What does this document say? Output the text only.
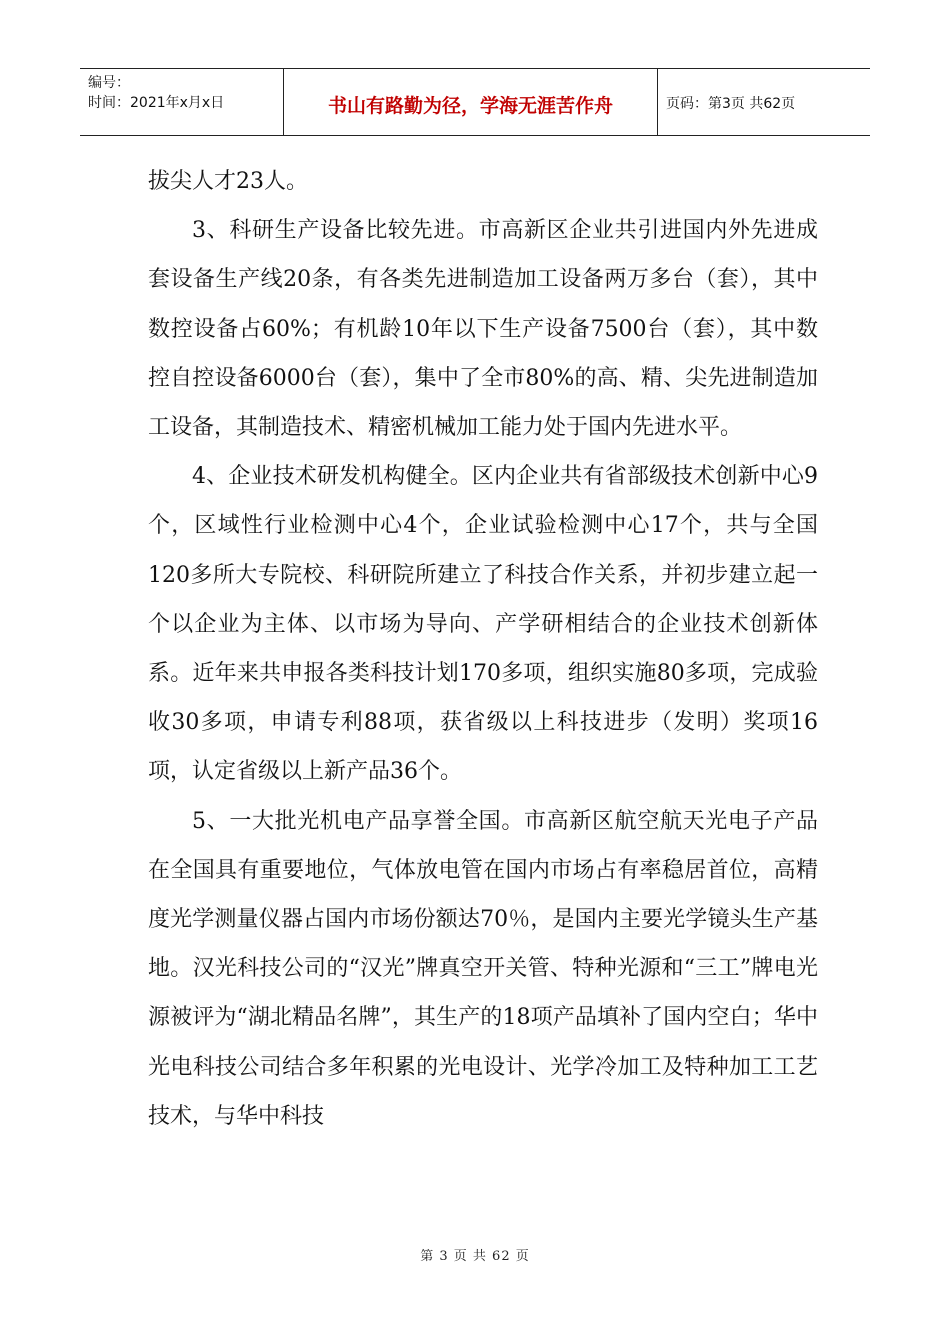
编号：
时间：2021年x月x日	书山有路勤为径，学海无涯苦作舟	页码：第3页 共62页

拔尖人才23人。

3、科研生产设备比较先进。市高新区企业共引进国内外先进成套设备生产线20条，有各类先进制造加工设备两万多台（套），其中数控设备占60%；有机龄10年以下生产设备7500台（套），其中数控自控设备6000台（套），集中了全市80%的高、精、尖先进制造加工设备，其制造技术、精密机械加工能力处于国内先进水平。

4、企业技术研发机构健全。区内企业共有省部级技术创新中心9个，区域性行业检测中心4个，企业试验检测中心17个，共与全国120多所大专院校、科研院所建立了科技合作关系，并初步建立起一个以企业为主体、以市场为导向、产学研相结合的企业技术创新体系。近年来共申报各类科技计划170多项，组织实施80多项，完成验收30多项，申请专利88项，获省级以上科技进步（发明）奖项16项，认定省级以上新产品36个。

5、一大批光机电产品享誉全国。市高新区航空航天光电子产品在全国具有重要地位，气体放电管在国内市场占有率稳居首位，高精度光学测量仪器占国内市场份额达70％，是国内主要光学镜头生产基地。汉光科技公司的“汉光”牌真空开关管、特种光源和“三工”牌电光源被评为“湖北精品名牌”，其生产的18项产品填补了国内空白；华中光电科技公司结合多年积累的光电设计、光学冷加工及特种加工工艺技术，与华中科技

第 3 页 共 62 页
